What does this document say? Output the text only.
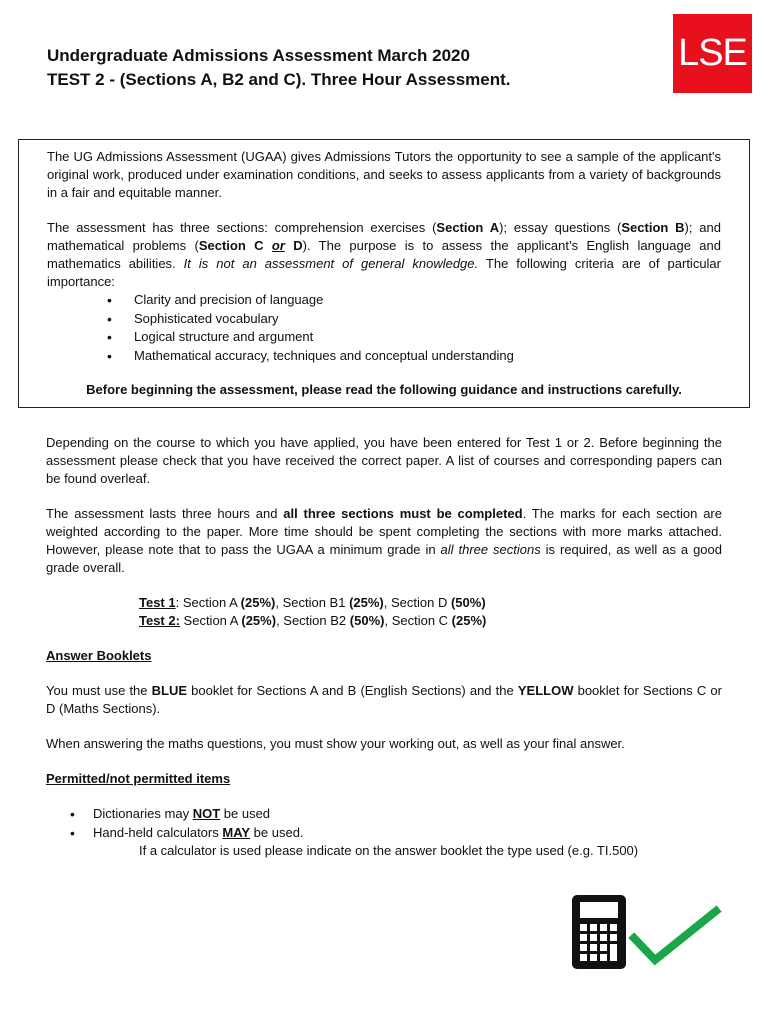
Undergraduate Admissions Assessment March 2020
TEST 2 - (Sections A, B2 and C). Three Hour Assessment.
LSE

The UG Admissions Assessment (UGAA) gives Admissions Tutors the opportunity to see a sample of the applicant's original work, produced under examination conditions, and seeks to assess applicants from a variety of backgrounds in a fair and equitable manner.

The assessment has three sections: comprehension exercises (Section A); essay questions (Section B); and mathematical problems (Section C or D). The purpose is to assess the applicant’s English language and mathematics abilities. It is not an assessment of general knowledge. The following criteria are of particular importance:

• Clarity and precision of language
• Sophisticated vocabulary
• Logical structure and argument
• Mathematical accuracy, techniques and conceptual understanding

Before beginning the assessment, please read the following guidance and instructions carefully.

Depending on the course to which you have applied, you have been entered for Test 1 or 2. Before beginning the assessment please check that you have received the correct paper. A list of courses and corresponding papers can be found overleaf.

The assessment lasts three hours and all three sections must be completed. The marks for each section are weighted according to the paper. More time should be spent completing the sections with more marks attached. However, please note that to pass the UGAA a minimum grade in all three sections is required, as well as a good grade overall.

Test 1: Section A (25%), Section B1 (25%), Section D (50%)

Test 2: Section A (25%), Section B2 (50%), Section C (25%)

Answer Booklets

You must use the BLUE booklet for Sections A and B (English Sections) and the YELLOW booklet for Sections C or D (Maths Sections).

When answering the maths questions, you must show your working out, as well as your final answer.

Permitted/not permitted items

• Dictionaries may NOT be used
• Hand-held calculators MAY be used.

If a calculator is used please indicate on the answer booklet the type used (e.g. TI.500)
